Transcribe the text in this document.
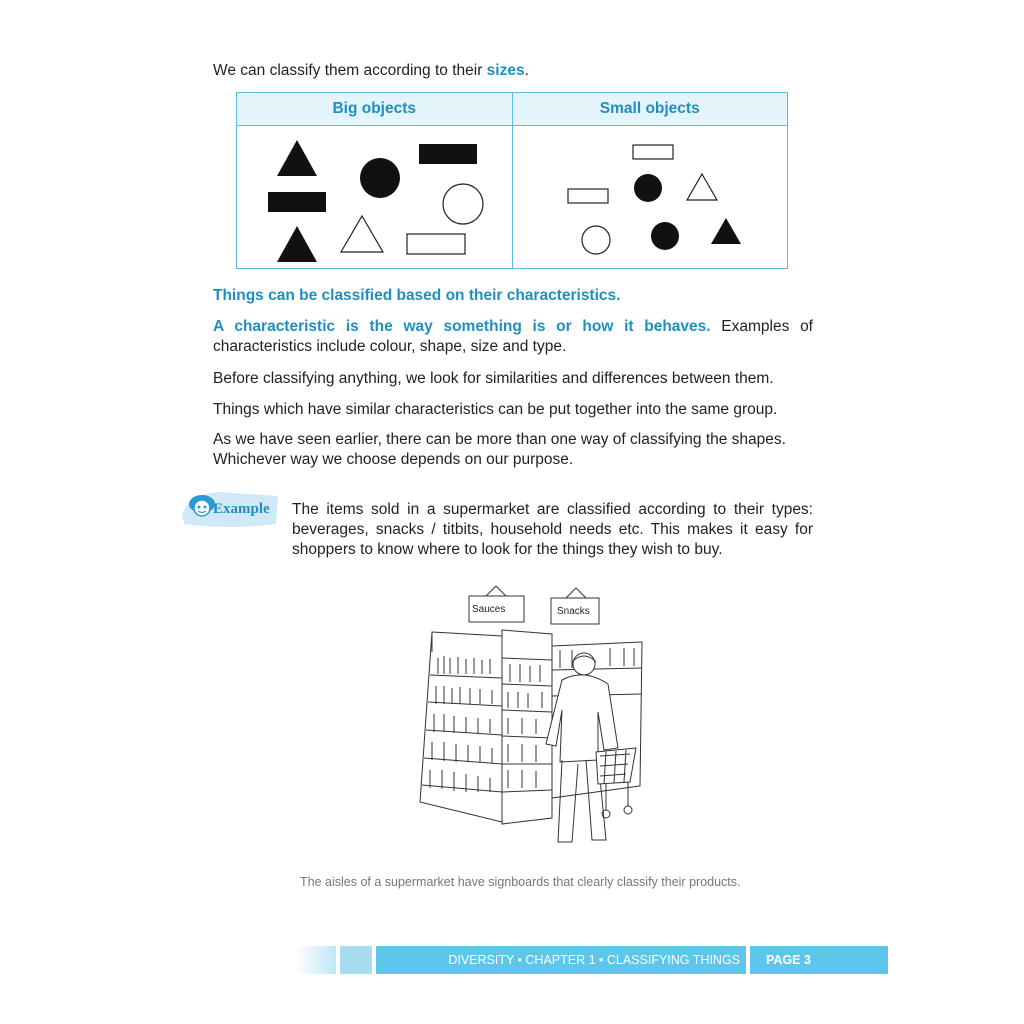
We can classify them according to their sizes.

Big objects	Small objects

Things can be classified based on their characteristics.

A characteristic is the way something is or how it behaves. Examples of characteristics include colour, shape, size and type.

Before classifying anything, we look for similarities and differences between them.

Things which have similar characteristics can be put together into the same group.

As we have seen earlier, there can be more than one way of classifying the shapes. Whichever way we choose depends on our purpose.

Example The items sold in a supermarket are classified according to their types: beverages, snacks / titbits, household needs etc. This makes it easy for shoppers to know where to look for the things they wish to buy.

Sauces	Snacks

The aisles of a supermarket have signboards that clearly classify their products.

DIVERSITY • CHAPTER 1 • CLASSIFYING THINGS PAGE 3
